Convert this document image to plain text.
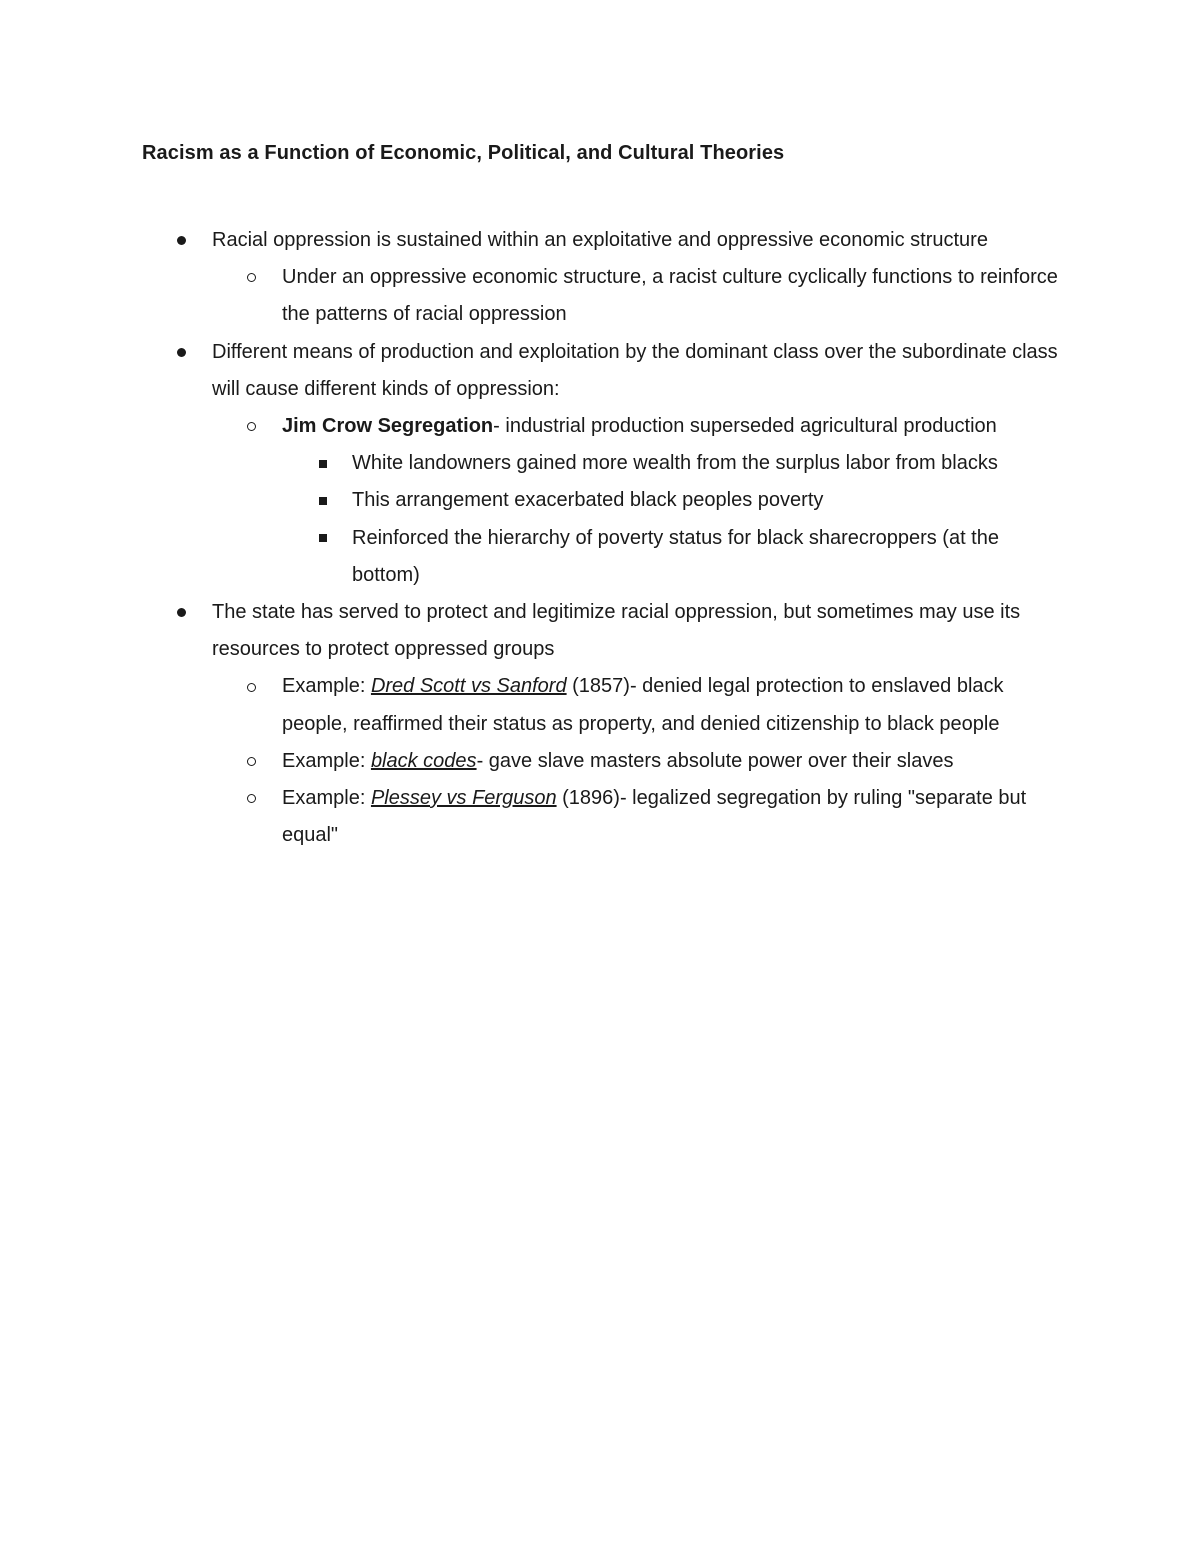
Racism as a Function of Economic, Political, and Cultural Theories
Racial oppression is sustained within an exploitative and oppressive economic structure
Under an oppressive economic structure, a racist culture cyclically functions to reinforce the patterns of racial oppression
Different means of production and exploitation by the dominant class over the subordinate class will cause different kinds of oppression:
Jim Crow Segregation- industrial production superseded agricultural production
White landowners gained more wealth from the surplus labor from blacks
This arrangement exacerbated black peoples poverty
Reinforced the hierarchy of poverty status for black sharecroppers (at the bottom)
The state has served to protect and legitimize racial oppression, but sometimes may use its resources to protect oppressed groups
Example: Dred Scott vs Sanford (1857)- denied legal protection to enslaved black people, reaffirmed their status as property, and denied citizenship to black people
Example: black codes- gave slave masters absolute power over their slaves
Example: Plessey vs Ferguson (1896)- legalized segregation by ruling "separate but equal"
